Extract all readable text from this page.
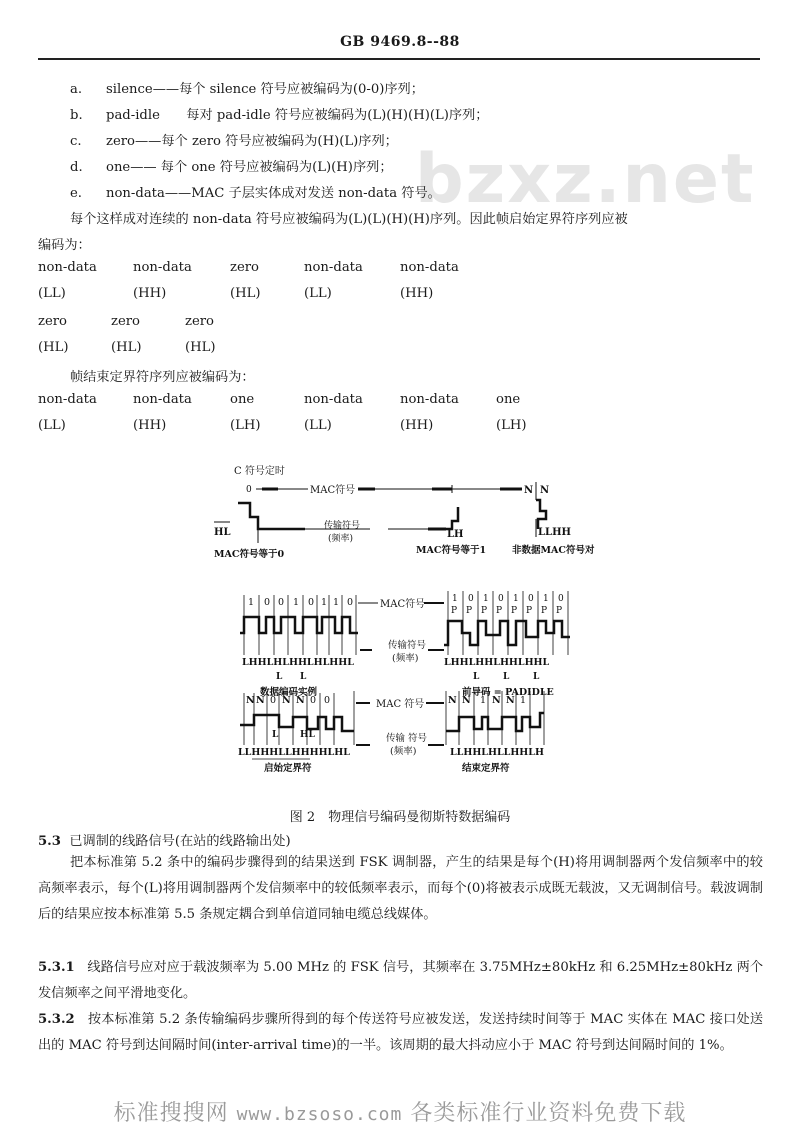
bzxz.net
GB 9469.8--88
a. silence——每个 silence 符号应被编码为(0-0)序列；
b. pad-idle　　每对 pad-idle 符号应被编码为(L)(H)(H)(L)序列；
c. zero——每个 zero 符号应被编码为(H)(L)序列；
d. one—— 每个 one 符号应被编码为(L)(H)序列；
e. non-data——MAC 子层实体成对发送 non-data 符号。
每个这样成对连续的 non-data 符号应被编码为(L)(L)(H)(H)序列。因此帧启始定界符序列应被
编码为：
non-data	non-data	zero	non-data	non-data
(LL)	(HH)	(HL)	(LL)	(HH)
zero	zero	zero
(HL)	(HL)	(HL)
帧结束定界符序列应被编码为：
non-data	non-data	one	non-data	non-data	one
(LL)	(HH)	(LH)	(LL)	(HH)	(LH)
C 符号定时
0	MAC符号	N N
HL
传输符号
(频率)	LH	LLHH
MAC符号等于0	MAC符号等于1	非数据MAC符号对
1 0 0 1 0 1 1 0
LHHLHLHHLHLHHL
L L
数据编码实例
MAC符号
传输符号
(频率)
1 0 1 0 1 0 1 0
P P P P P P P P
LHHLHHLHHLHHL
L	L	L
前导码 = PADIDLE
N N 0 N N 0 0
L HL
LLHHHLLHHHHLHL
启始定界符
MAC 符号
传输 符号
(频率)
N N 1 N N 1
LLHHLHLLHHLH
结束定界符
图 2　物理信号编码曼彻斯特数据编码
5.3 已调制的线路信号(在站的线路输出处)
把本标准第 5.2 条中的编码步骤得到的结果送到 FSK 调制器，产生的结果是每个(H)将用调制器两个发信频率中的较高频率表示，每个(L)将用调制器两个发信频率中的较低频率表示，而每个(0)将被表示成既无载波，又无调制信号。载波调制后的结果应按本标准第 5.5 条规定耦合到单信道同轴电缆总线媒体。
5.3.1 线路信号应对应于载波频率为 5.00 MHz 的 FSK 信号，其频率在 3.75MHz±80kHz 和 6.25MHz±80kHz 两个发信频率之间平滑地变化。
5.3.2 按本标准第 5.2 条传输编码步骤所得到的每个传送符号应被发送，发送持续时间等于 MAC 实体在 MAC 接口处送出的 MAC 符号到达间隔时间(inter-arrival time)的一半。该周期的最大抖动应小于 MAC 符号到达间隔时间的 1%。
标准搜搜网 www.bzsoso.com 各类标准行业资料免费下载
